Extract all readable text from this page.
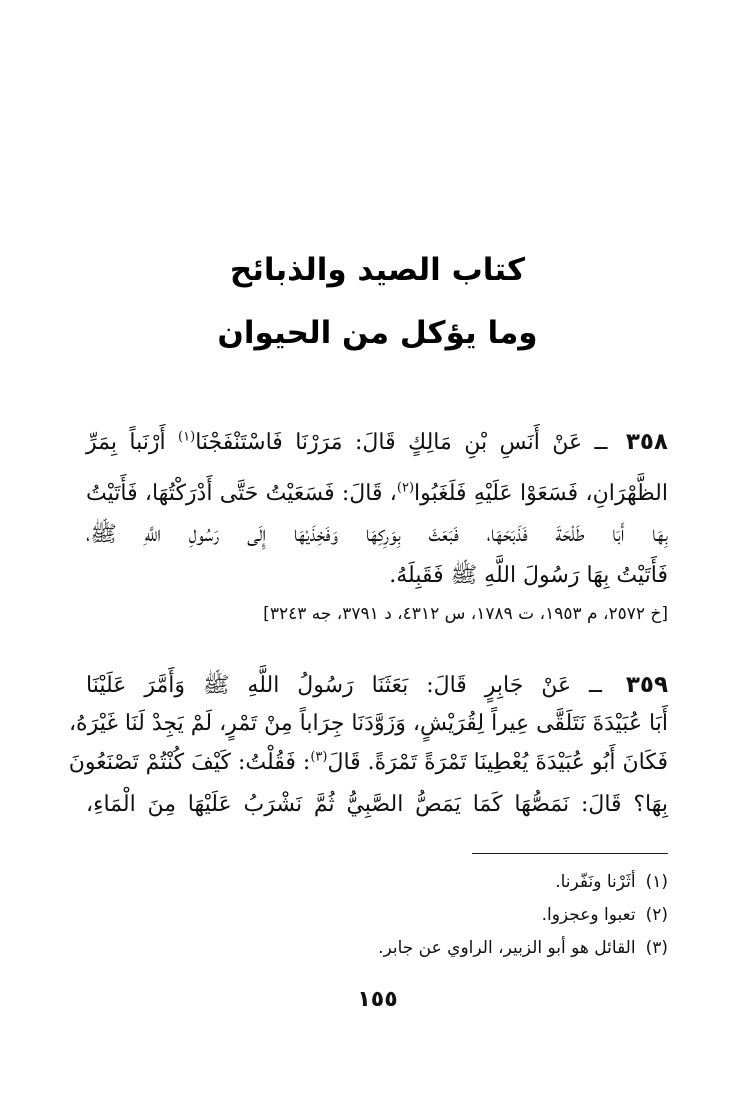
كتاب الصيد والذبائح
وما يؤكل من الحيوان
٣٥٨ ــ عَنْ أَنَسِ بْنِ مَالِكٍ قَالَ: مَرَرْنَا فَاسْتَنْفَجْنَا$^{(١)}$ أَرْنَباً بِمَرِّ
الظَّهْرَانِ، فَسَعَوْا عَلَيْهِ فَلَغَبُوا$^{(٢)}$، قَالَ: فَسَعَيْتُ حَتَّى أَدْرَكْتُهَا، فَأَتَيْتُ
بِهَا أَبَا طَلْحَةَ فَذَبَحَهَا، فَبَعَثَ بِوَرِكِهَا وَفَخِذَيْهَا إِلَى رَسُولِ اللَّهِ ﷺ،
فَأَتَيْتُ بِهَا رَسُولَ اللَّهِ ﷺ فَقَبِلَهُ.
[خ ٢٥٧٢، م ١٩٥٣، ت ١٧٨٩، س ٤٣١٢، د ٣٧٩١، جه ٣٢٤٣]
٣٥٩ ــ عَنْ جَابِرٍ قَالَ: بَعَثَنَا رَسُولُ اللَّهِ ﷺ وَأَمَّرَ عَلَيْنَا
أَبَا عُبَيْدَةَ نَتَلَقَّى عِيراً لِقُرَيْشٍ، وَزَوَّدَنَا جِرَاباً مِنْ تَمْرٍ، لَمْ يَجِدْ لَنَا غَيْرَهُ،
فَكَانَ أَبُو عُبَيْدَةَ يُعْطِينَا تَمْرَةً تَمْرَةً. قَالَ$^{(٣)}$: فَقُلْتُ: كَيْفَ كُنْتُمْ تَصْنَعُونَ
بِهَا؟ قَالَ: نَمَصُّهَا كَمَا يَمَصُّ الصَّبِيُّ ثُمَّ نَشْرَبُ عَلَيْهَا مِنَ الْمَاءِ،
(١)أثَرْنا ونَفّرنا.
(٢)تعبوا وعجزوا.
(٣)القائل هو أبو الزبير، الراوي عن جابر.
١٥٥
